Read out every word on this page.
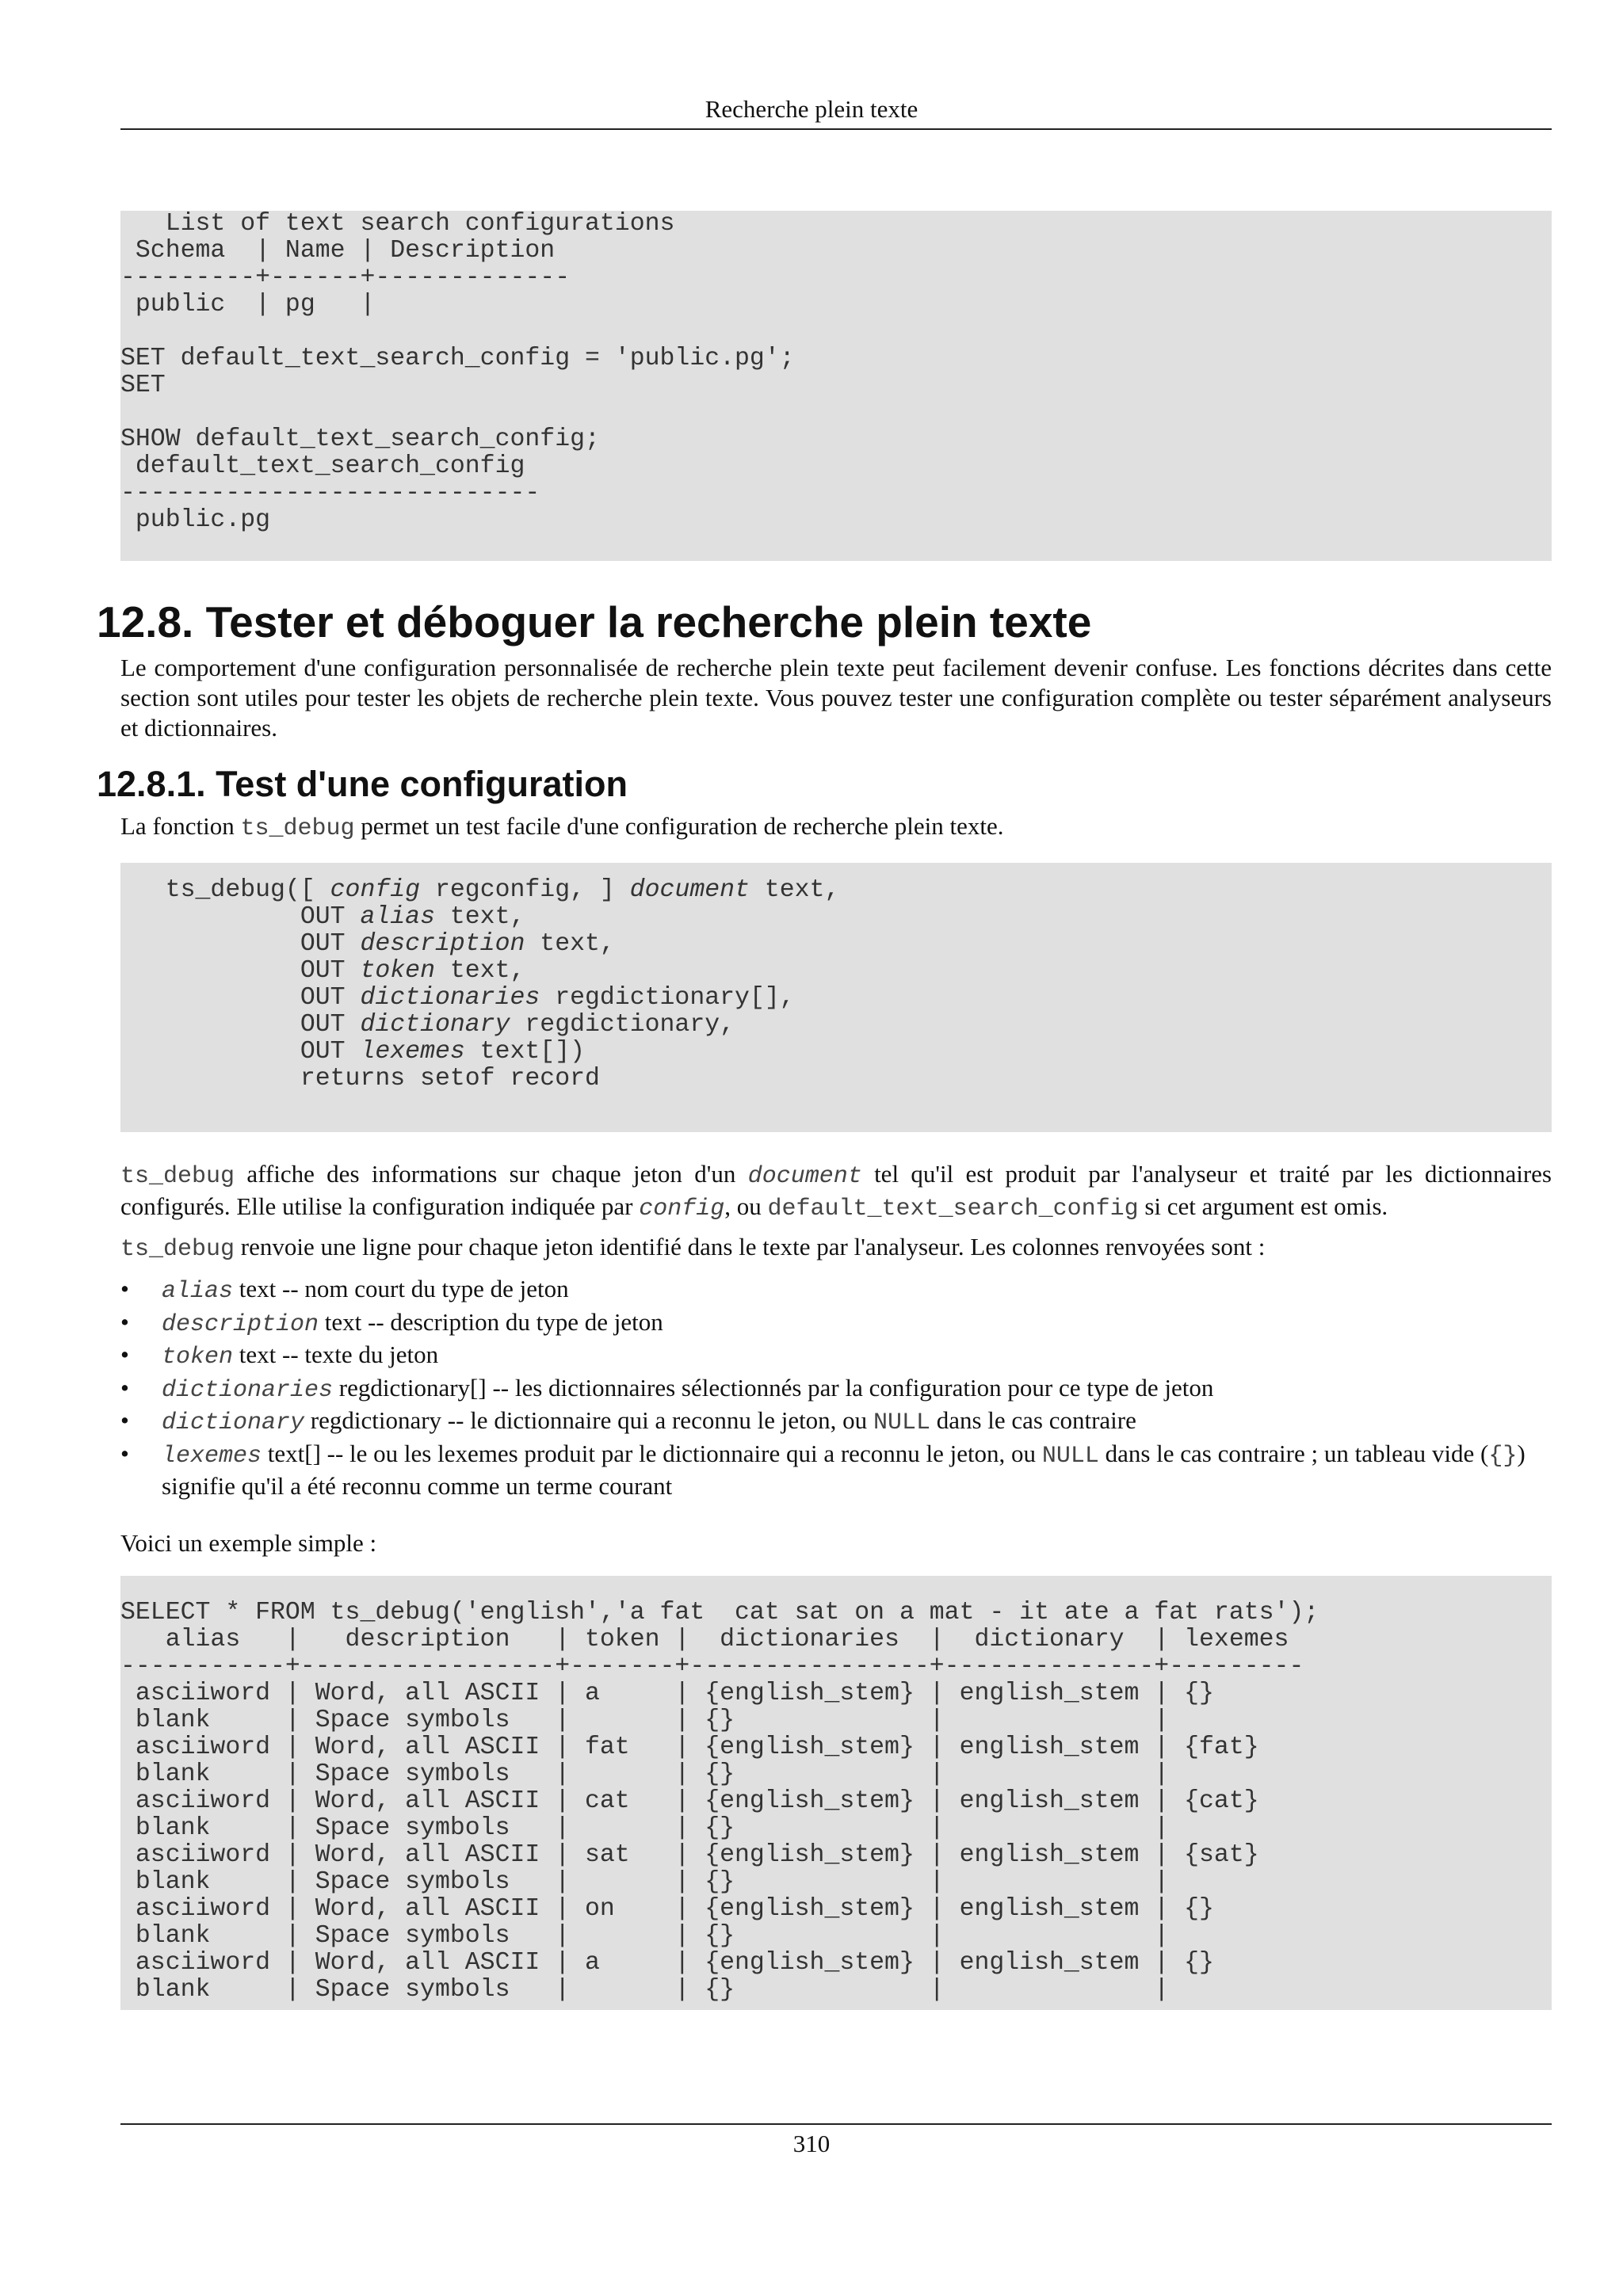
Recherche plein texte
List of text search configurations
Schema  | Name | Description
---------+------+-------------
public  | pg   |

SET default_text_search_config = 'public.pg';
SET

SHOW default_text_search_config;
default_text_search_config
----------------------------
public.pg
12.8. Tester et déboguer la recherche plein texte

Le comportement d'une configuration personnalisée de recherche plein texte peut facilement devenir confuse. Les fonctions décrites dans cette section sont utiles pour tester les objets de recherche plein texte. Vous pouvez tester une configuration complète ou tester séparément analyseurs et dictionnaires.

12.8.1. Test d'une configuration

La fonction ts_debug permet un test facile d'une configuration de recherche plein texte.

ts_debug([ config regconfig, ] document text,
OUT alias text,
OUT description text,
OUT token text,
OUT dictionaries regdictionary[],
OUT dictionary regdictionary,
OUT lexemes text[])
returns setof record

ts_debug affiche des informations sur chaque jeton d'un document tel qu'il est produit par l'analyseur et traité par les dictionnaires configurés. Elle utilise la configuration indiquée par config, ou default_text_search_config si cet argument est omis.

ts_debug renvoie une ligne pour chaque jeton identifié dans le texte par l'analyseur. Les colonnes renvoyées sont :

• alias text -- nom court du type de jeton
• description text -- description du type de jeton
• token text -- texte du jeton
• dictionaries regdictionary[] -- les dictionnaires sélectionnés par la configuration pour ce type de jeton
• dictionary regdictionary -- le dictionnaire qui a reconnu le jeton, ou NULL dans le cas contraire
• lexemes text[] -- le ou les lexemes produit par le dictionnaire qui a reconnu le jeton, ou NULL dans le cas contraire ; un tableau vide ({}) signifie qu'il a été reconnu comme un terme courant

Voici un exemple simple :

SELECT * FROM ts_debug('english','a fat  cat sat on a mat - it ate a fat rats');
alias   |   description   | token |  dictionaries  |  dictionary  | lexemes
-----------+-----------------+-------+----------------+--------------+---------
asciiword | Word, all ASCII | a     | {english_stem} | english_stem | {}
blank     | Space symbols   |       | {}             |              |
asciiword | Word, all ASCII | fat   | {english_stem} | english_stem | {fat}
blank     | Space symbols   |       | {}             |              |
asciiword | Word, all ASCII | cat   | {english_stem} | english_stem | {cat}
blank     | Space symbols   |       | {}             |              |
asciiword | Word, all ASCII | sat   | {english_stem} | english_stem | {sat}
blank     | Space symbols   |       | {}             |              |
asciiword | Word, all ASCII | on    | {english_stem} | english_stem | {}
blank     | Space symbols   |       | {}             |              |
asciiword | Word, all ASCII | a     | {english_stem} | english_stem | {}
blank     | Space symbols   |       | {}             |              |
310
